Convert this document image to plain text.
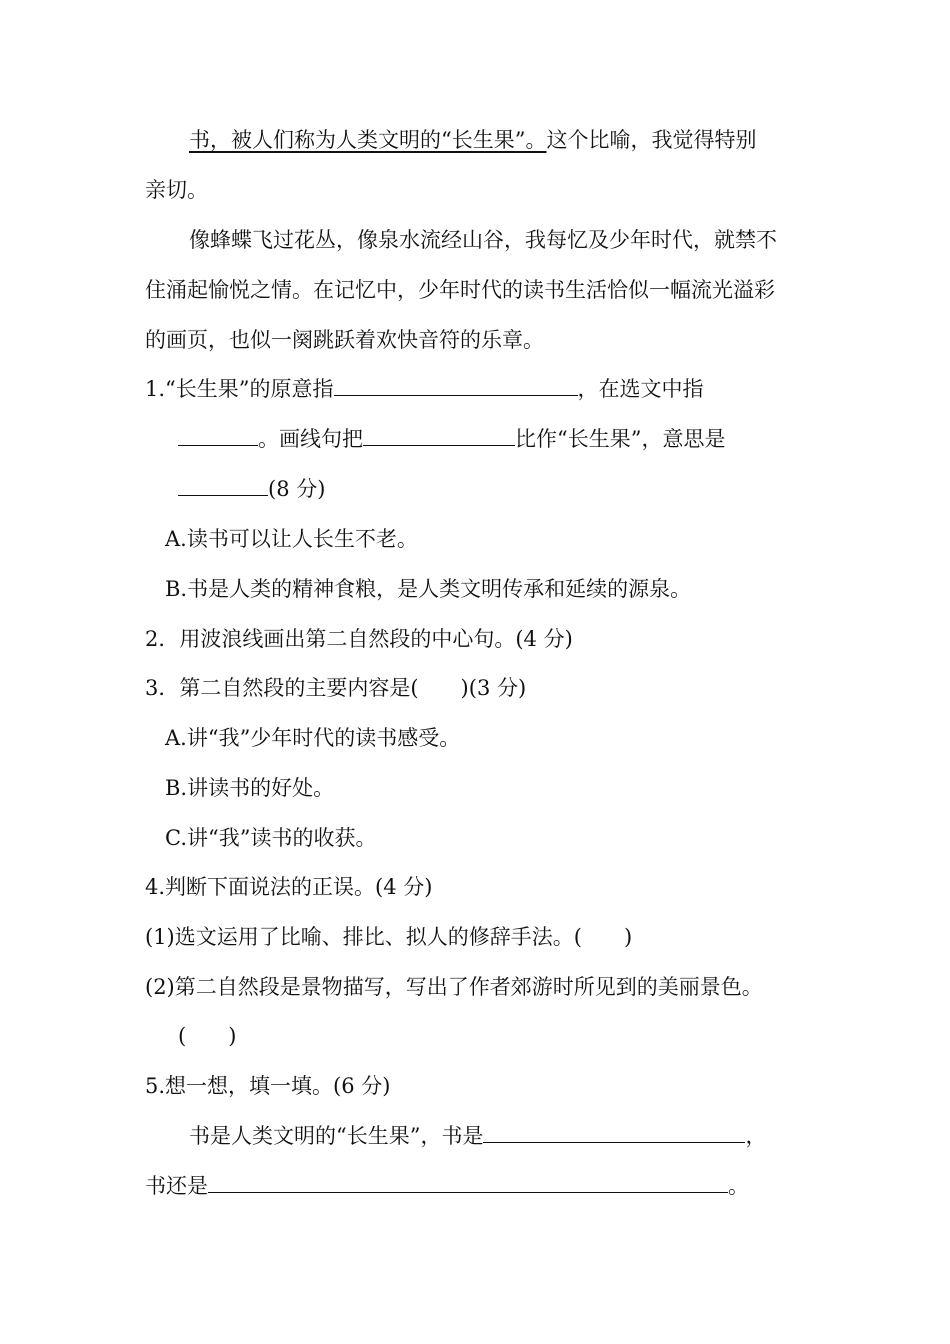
书，被人们称为人类文明的“长生果”。这个比喻，我觉得特别
亲切。
像蜂蝶飞过花丛，像泉水流经山谷，我每忆及少年时代，就禁不
住涌起愉悦之情。在记忆中，少年时代的读书生活恰似一幅流光溢彩
的画页，也似一阕跳跃着欢快音符的乐章。
1.“长生果”的原意指	，在选文中指
。画线句把	比作“长生果”，意思是
(8 分)
A.读书可以让人长生不老。
B.书是人类的精神食粮，是人类文明传承和延续的源泉。
2．用波浪线画出第二自然段的中心句。(4 分)
3．第二自然段的主要内容是(　　)(3 分)
A.讲“我”少年时代的读书感受。
B.讲读书的好处。
C.讲“我”读书的收获。
4.判断下面说法的正误。(4 分)
(1)选文运用了比喻、排比、拟人的修辞手法。(　　)
(2)第二自然段是景物描写，写出了作者郊游时所见到的美丽景色。
(　　)
5.想一想，填一填。(6 分)
书是人类文明的“长生果”，书是	，
书还是	。
